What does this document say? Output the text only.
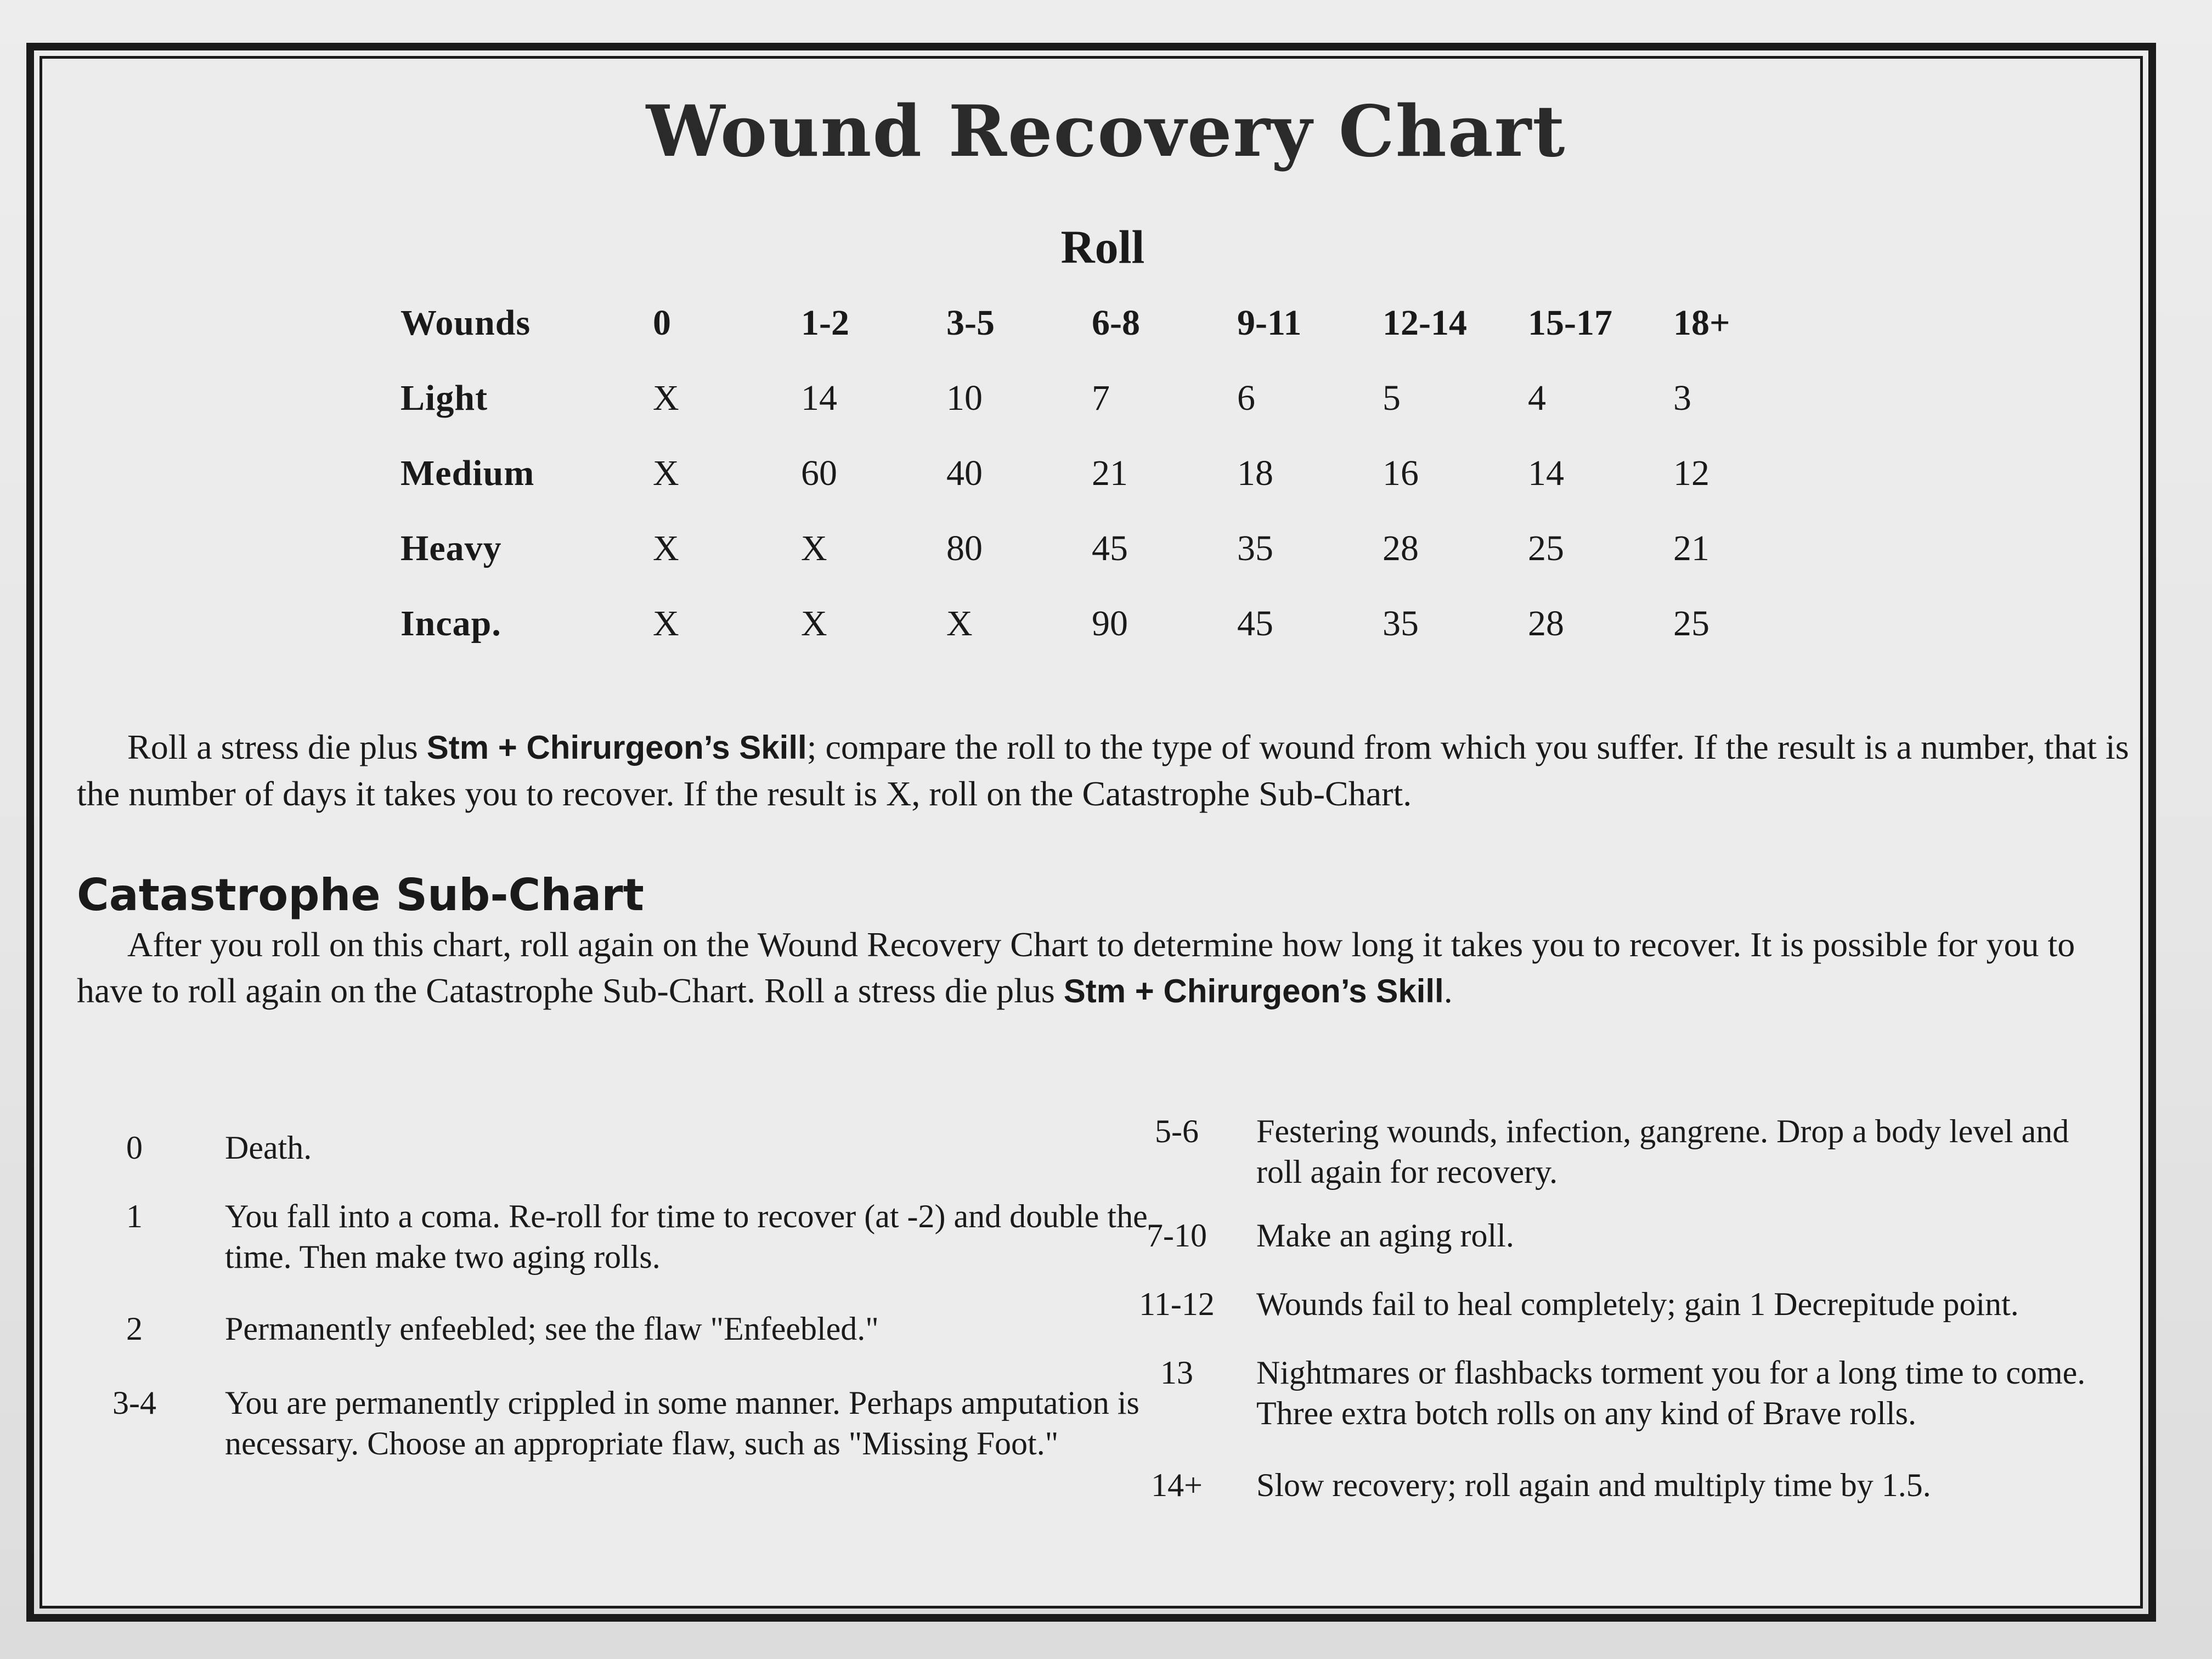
Wound Recovery Chart
Roll
Wounds	0	1-2	3-5	6-8	9-11	12-14	15-17	18+
Light	X	14	10	7	6	5	4	3
Medium	X	60	40	21	18	16	14	12
Heavy	X	X	80	45	35	28	25	21
Incap.	X	X	X	90	45	35	28	25
Roll a stress die plus Stm + Chirurgeon’s Skill; compare the roll to the type of wound from which you suffer. If the result is a number, that is the number of days it takes you to recover. If the result is X, roll on the Catastrophe Sub-Chart.
Catastrophe Sub-Chart
After you roll on this chart, roll again on the Wound Recovery Chart to determine how long it takes you to recover. It is possible for you to have to roll again on the Catastrophe Sub-Chart. Roll a stress die plus Stm + Chirurgeon’s Skill.
0	Death.
1	You fall into a coma. Re-roll for time to recover (at -2) and double the time. Then make two aging rolls.
2	Permanently enfeebled; see the flaw "Enfeebled."
3-4	You are permanently crippled in some manner. Perhaps amputation is necessary. Choose an appropriate flaw, such as "Missing Foot."
5-6	Festering wounds, infection, gangrene. Drop a body level and roll again for recovery.
7-10	Make an aging roll.
11-12 Wounds fail to heal completely; gain 1 Decrepitude point.
13	Nightmares or flashbacks torment you for a long time to come. Three extra botch rolls on any kind of Brave rolls.
14+	Slow recovery; roll again and multiply time by 1.5.
